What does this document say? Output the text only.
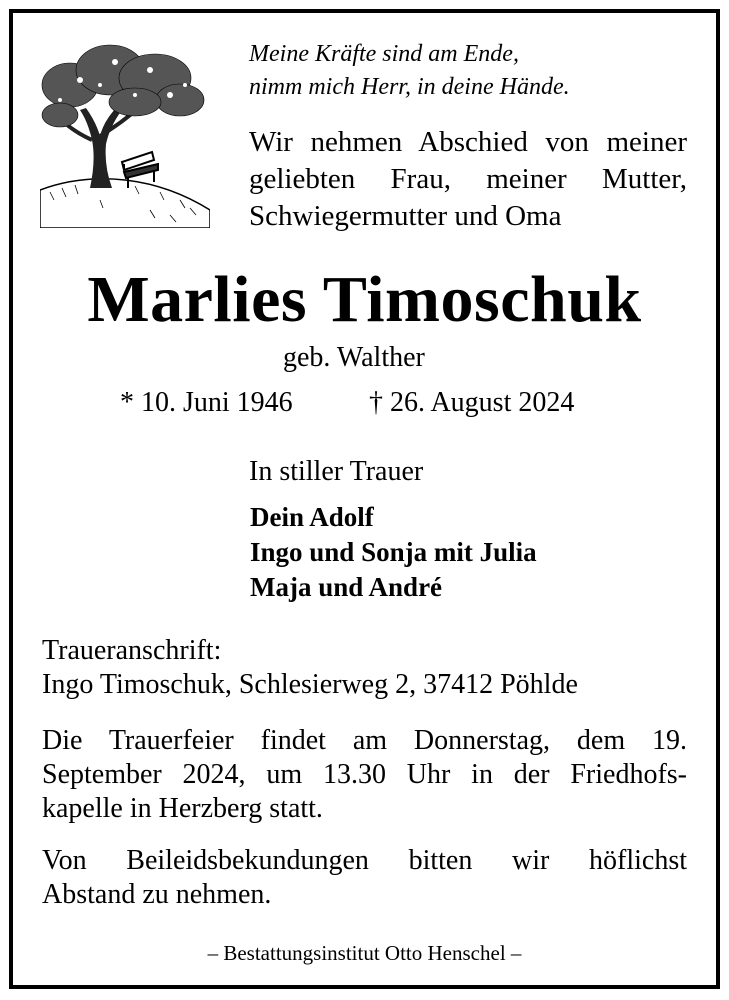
Meine Kräfte sind am Ende,
nimm mich Herr, in deine Hände.
Wir nehmen Abschied von meiner
geliebten Frau, meiner Mutter,
Schwiegermutter und Oma
Marlies Timoschuk
geb. Walther
* 10. Juni 1946	† 26. August 2024
In stiller Trauer
Dein Adolf
Ingo und Sonja mit Julia
Maja und André
Traueranschrift:
Ingo Timoschuk, Schlesierweg 2, 37412 Pöhlde
Die Trauerfeier findet am Donnerstag, dem 19.
September 2024, um 13.30 Uhr in der Friedhofs-
kapelle in Herzberg statt.
Von Beileidsbekundungen bitten wir höflichst
Abstand zu nehmen.
– Bestattungsinstitut Otto Henschel –
